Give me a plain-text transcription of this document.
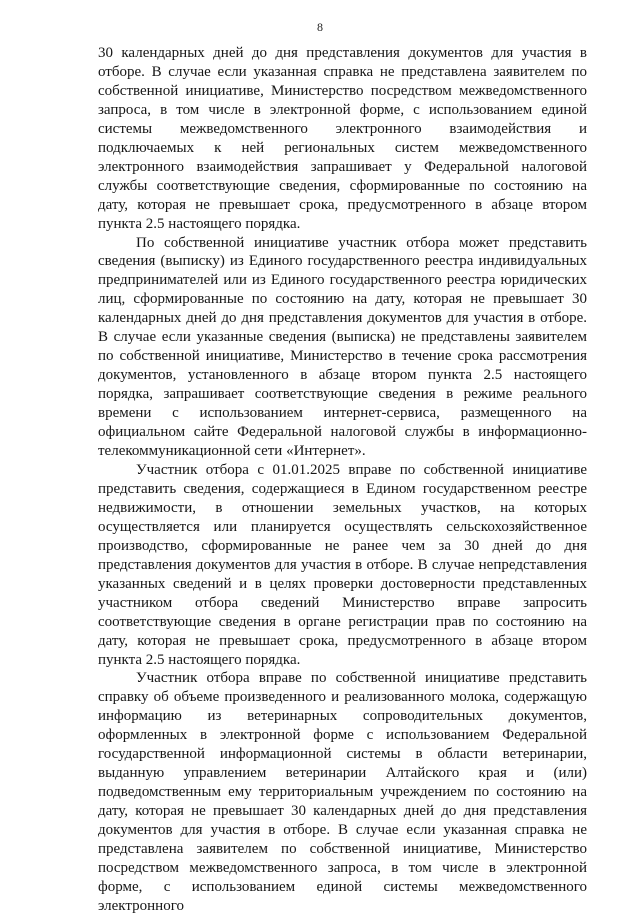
8

30 календарных дней до дня представления документов для участия в отборе. В случае если указанная справка не представлена заявителем по собственной инициативе, Министерство посредством межведомственного запроса, в том числе в электронной форме, с использованием единой системы межведомственного электронного взаимодействия и подключаемых к ней региональных систем межведомственного электронного взаимодействия запрашивает у Федеральной налоговой службы соответствующие сведения, сформированные по состоянию на дату, которая не превышает срока, предусмотренного в абзаце втором пункта 2.5 настоящего порядка.

По собственной инициативе участник отбора может представить сведения (выписку) из Единого государственного реестра индивидуальных предпринимателей или из Единого государственного реестра юридических лиц, сформированные по состоянию на дату, которая не превышает 30 календарных дней до дня представления документов для участия в отборе. В случае если указанные сведения (выписка) не представлены заявителем по собственной инициативе, Министерство в течение срока рассмотрения документов, установленного в абзаце втором пункта 2.5 настоящего порядка, запрашивает соответствующие сведения в режиме реального времени с использованием интернет-сервиса, размещенного на официальном сайте Федеральной налоговой службы в информационно-телекоммуникационной сети «Интернет».

Участник отбора с 01.01.2025 вправе по собственной инициативе представить сведения, содержащиеся в Едином государственном реестре недвижимости, в отношении земельных участков, на которых осуществляется или планируется осуществлять сельскохозяйственное производство, сформированные не ранее чем за 30 дней до дня представления документов для участия в отборе. В случае непредставления указанных сведений и в целях проверки достоверности представленных участником отбора сведений Министерство вправе запросить соответствующие сведения в органе регистрации прав по состоянию на дату, которая не превышает срока, предусмотренного в абзаце втором пункта 2.5 настоящего порядка.

Участник отбора вправе по собственной инициативе представить справку об объеме произведенного и реализованного молока, содержащую информацию из ветеринарных сопроводительных документов, оформленных в электронной форме с использованием Федеральной государственной информационной системы в области ветеринарии, выданную управлением ветеринарии Алтайского края и (или) подведомственным ему территориальным учреждением по состоянию на дату, которая не превышает 30 календарных дней до дня представления документов для участия в отборе. В случае если указанная справка не представлена заявителем по собственной инициативе, Министерство посредством межведомственного запроса, в том числе в электронной форме, с использованием единой системы межведомственного электронного
